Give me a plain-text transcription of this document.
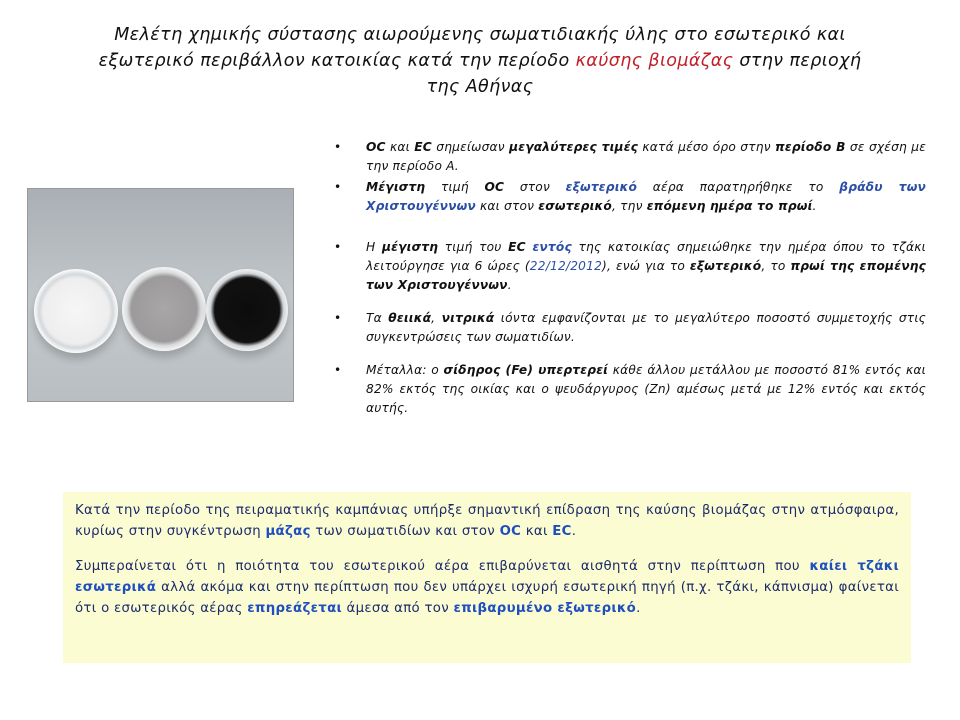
Μελέτη χημικής σύστασης αιωρούμενης σωματιδιακής ύλης στο εσωτερικό και
εξωτερικό περιβάλλον κατοικίας κατά την περίοδο καύσης βιομάζας στην περιοχή
της Αθήνας
• OC και EC σημείωσαν μεγαλύτερες τιμές κατά μέσο όρο στην περίοδο Β σε σχέση με την περίοδο Α.
• Μέγιστη τιμή OC στον εξωτερικό αέρα παρατηρήθηκε το βράδυ των Χριστουγέννων και στον εσωτερικό, την επόμενη ημέρα το πρωί.
• Η μέγιστη τιμή του EC εντός της κατοικίας σημειώθηκε την ημέρα όπου το τζάκι λειτούργησε για 6 ώρες (22/12/2012), ενώ για το εξωτερικό, το πρωί της επομένης των Χριστουγέννων.
• Τα θειικά, νιτρικά ιόντα εμφανίζονται με το μεγαλύτερο ποσοστό συμμετοχής στις συγκεντρώσεις των σωματιδίων.
• Μέταλλα: ο σίδηρος (Fe) υπερτερεί κάθε άλλου μετάλλου με ποσοστό 81% εντός και 82% εκτός της οικίας και ο ψευδάργυρος (Zn) αμέσως μετά με 12% εντός και εκτός αυτής.

Κατά την περίοδο της πειραματικής καμπάνιας υπήρξε σημαντική επίδραση της καύσης βιομάζας στην ατμόσφαιρα, κυρίως στην συγκέντρωση μάζας των σωματιδίων και στον OC και EC.

Συμπεραίνεται ότι η ποιότητα του εσωτερικού αέρα επιβαρύνεται αισθητά στην περίπτωση που καίει τζάκι εσωτερικά αλλά ακόμα και στην περίπτωση που δεν υπάρχει ισχυρή εσωτερική πηγή (π.χ. τζάκι, κάπνισμα) φαίνεται ότι ο εσωτερικός αέρας επηρεάζεται άμεσα από τον επιβαρυμένο εξωτερικό.
